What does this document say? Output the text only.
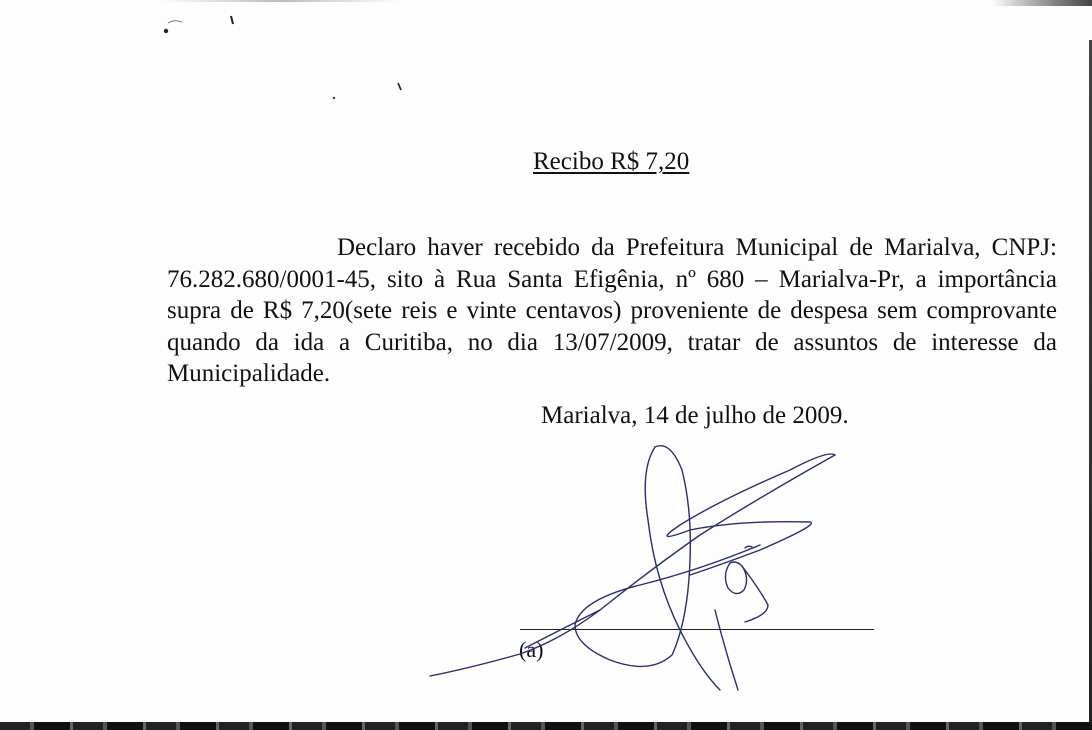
Recibo R$ 7,20

Declaro haver recebido da Prefeitura Municipal de Marialva, CNPJ: 76.282.680/0001-45, sito à Rua Santa Efigênia, nº 680 – Marialva-Pr, a importância supra de R$ 7,20(sete reis e vinte centavos) proveniente de despesa sem comprovante quando da ida a Curitiba, no dia 13/07/2009, tratar de assuntos de interesse da Municipalidade.

Marialva, 14 de julho de 2009.
(a)
